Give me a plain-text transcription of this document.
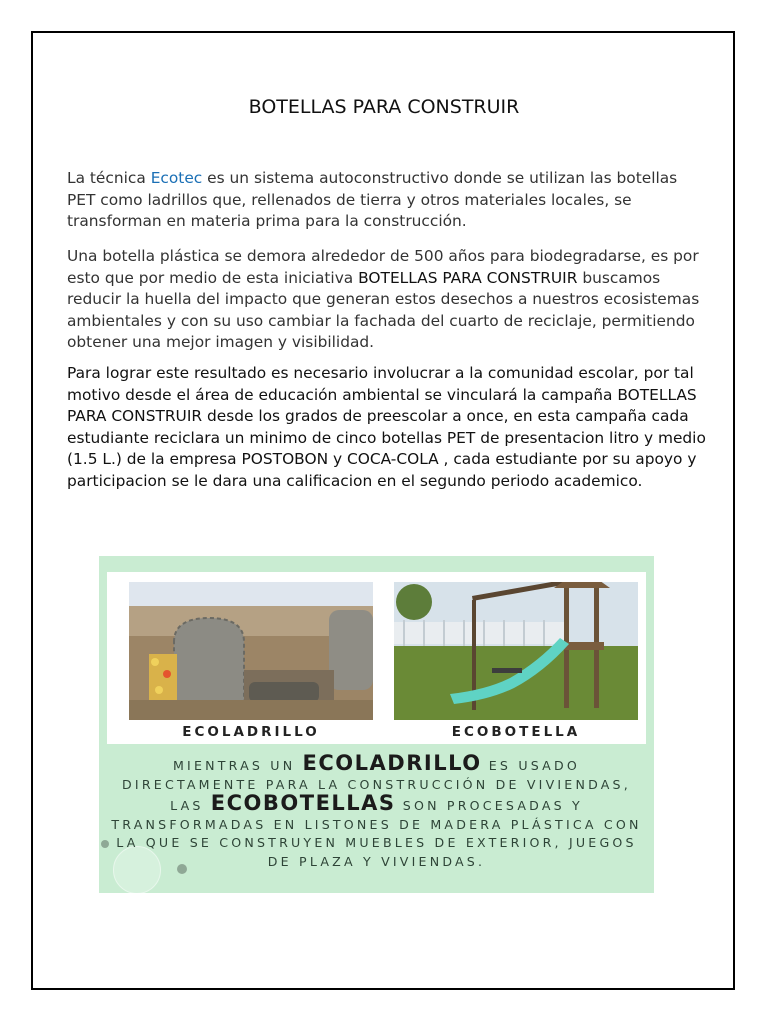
BOTELLAS PARA CONSTRUIR

La técnica Ecotec es un sistema autoconstructivo donde se utilizan las botellas PET como ladrillos que, rellenados de tierra y otros materiales locales, se transforman en materia prima para la construcción.

Una botella plástica se demora alrededor de 500 años para biodegradarse, es por esto que por medio de esta iniciativa BOTELLAS PARA CONSTRUIR buscamos reducir la huella del impacto que generan estos desechos a nuestros ecosistemas ambientales y con su uso cambiar la fachada del cuarto de reciclaje, permitiendo obtener una mejor imagen y visibilidad.

Para lograr este resultado es necesario involucrar a la comunidad escolar, por tal motivo desde el área de educación ambiental se vinculará la campaña BOTELLAS PARA CONSTRUIR desde los grados de preescolar a once, en esta campaña cada estudiante reciclara un minimo de cinco botellas PET de presentacion litro y medio (1.5 L.) de la empresa POSTOBON y COCA-COLA , cada estudiante por su apoyo y participacion se le dara una calificacion en el segundo periodo academico.

ECOLADRILLO	ECOBOTELLA
MIENTRAS UN ECOLADRILLO ES USADO DIRECTAMENTE PARA LA CONSTRUCCIÓN DE VIVIENDAS, LAS ECOBOTELLAS SON PROCESADAS Y TRANSFORMADAS EN LISTONES DE MADERA PLÁSTICA CON LA QUE SE CONSTRUYEN MUEBLES DE EXTERIOR, JUEGOS DE PLAZA Y VIVIENDAS.
